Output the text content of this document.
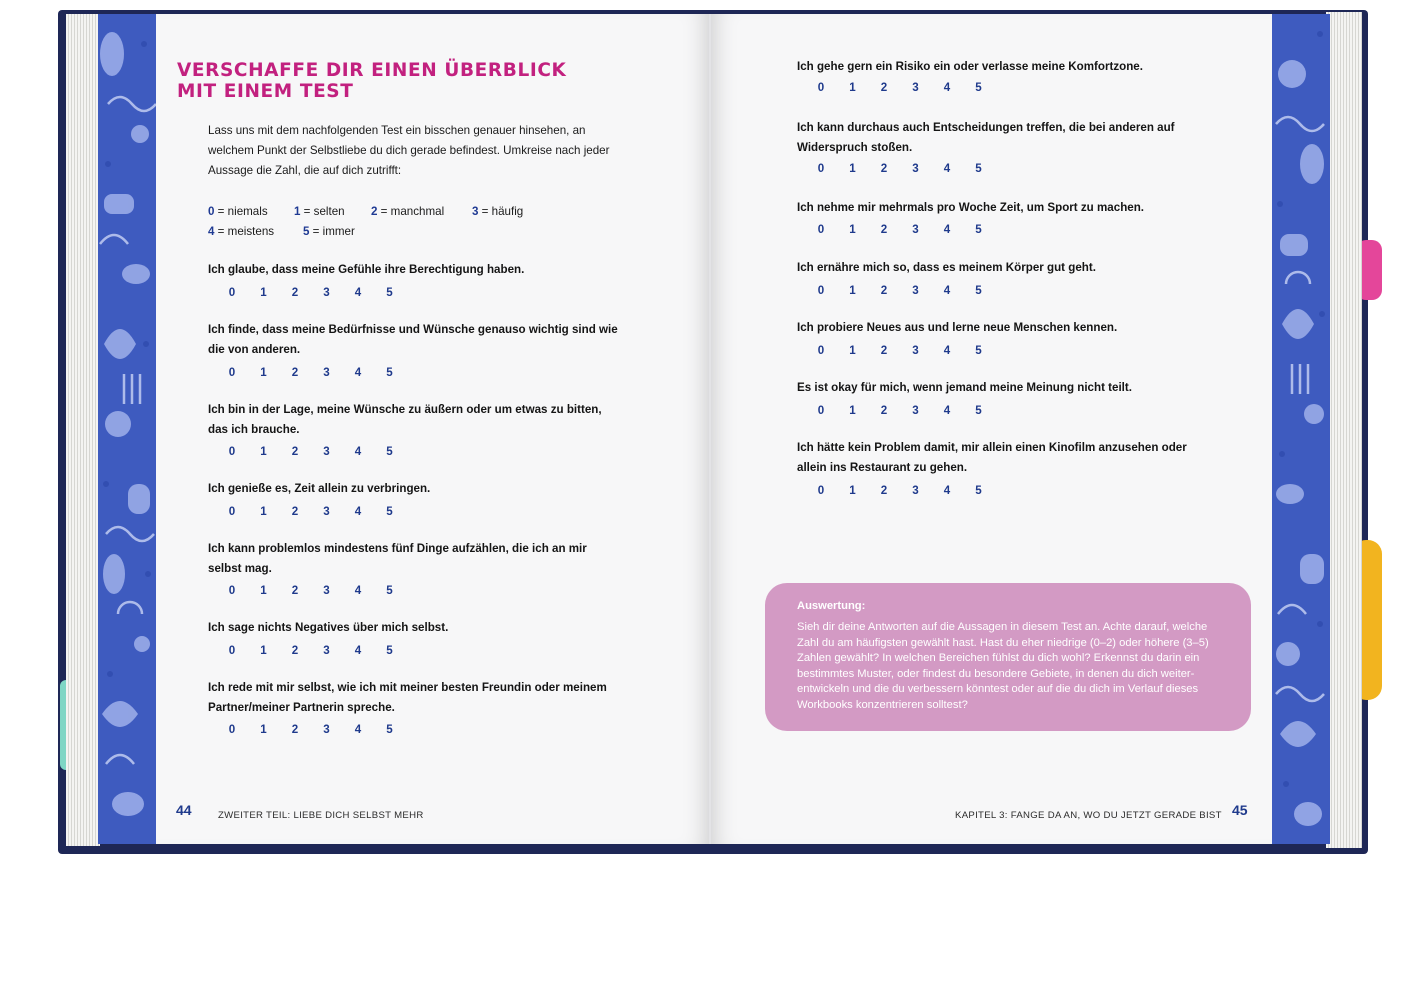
VERSCHAFFE DIR EINEN ÜBERBLICK
MIT EINEM TEST

Lass uns mit dem nachfolgenden Test ein bisschen genauer hinsehen, an welchem Punkt der Selbstliebe du dich gerade befindest. Umkreise nach jeder Aussage die Zahl, die auf dich zutrifft:

0 = niemals	1 = selten	2 = manchmal	3 = häufig
4 = meistens	5 = immer

Ich glaube, dass meine Gefühle ihre Berechtigung haben.

0 1 2 3 4 5

Ich finde, dass meine Bedürfnisse und Wünsche genauso wichtig sind wie
die von anderen.

0 1 2 3 4 5

Ich bin in der Lage, meine Wünsche zu äußern oder um etwas zu bitten,
das ich brauche.

0 1 2 3 4 5

Ich genieße es, Zeit allein zu verbringen.

0 1 2 3 4 5

Ich kann problemlos mindestens fünf Dinge aufzählen, die ich an mir
selbst mag.

0 1 2 3 4 5

Ich sage nichts Negatives über mich selbst.

0 1 2 3 4 5

Ich rede mit mir selbst, wie ich mit meiner besten Freundin oder meinem
Partner/meiner Partnerin spreche.

0 1 2 3 4 5
44	ZWEITER TEIL: LIEBE DICH SELBST MEHR

Ich gehe gern ein Risiko ein oder verlasse meine Komfortzone.

0 1 2 3 4 5

Ich kann durchaus auch Entscheidungen treffen, die bei anderen auf
Widerspruch stoßen.

0 1 2 3 4 5

Ich nehme mir mehrmals pro Woche Zeit, um Sport zu machen.

0 1 2 3 4 5

Ich ernähre mich so, dass es meinem Körper gut geht.

0 1 2 3 4 5

Ich probiere Neues aus und lerne neue Menschen kennen.

0 1 2 3 4 5

Es ist okay für mich, wenn jemand meine Meinung nicht teilt.

0 1 2 3 4 5

Ich hätte kein Problem damit, mir allein einen Kinofilm anzusehen oder
allein ins Restaurant zu gehen.

0 1 2 3 4 5

Auswertung:

Sieh dir deine Antworten auf die Aussagen in diesem Test an. Achte darauf, welche Zahl du am häufigsten gewählt hast. Hast du eher niedrige (0–2) oder höhere (3–5) Zahlen gewählt? In welchen Bereichen fühlst du dich wohl? Erkennst du darin ein bestimmtes Muster, oder findest du besondere Gebiete, in denen du dich weiter-entwickeln und die du verbessern könntest oder auf die du dich im Verlauf dieses Workbooks konzentrieren solltest?

KAPITEL 3: FANGE DA AN, WO DU JETZT GERADE BIST 45
